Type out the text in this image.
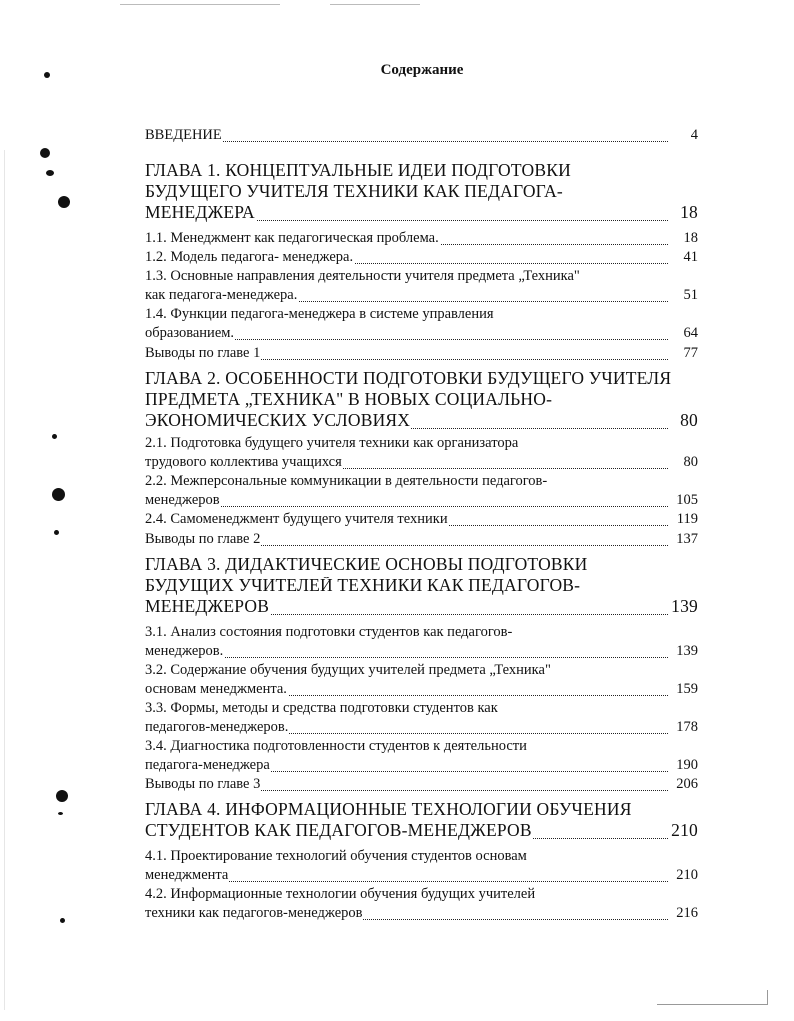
Содержание
ВВЕДЕНИЕ	4
ГЛАВА 1. КОНЦЕПТУАЛЬНЫЕ ИДЕИ ПОДГОТОВКИ
БУДУЩЕГО УЧИТЕЛЯ ТЕХНИКИ КАК ПЕДАГОГА-
МЕНЕДЖЕРА	18
1.1. Менеджмент как педагогическая проблема.	18
1.2. Модель педагога- менеджера.	41
1.3. Основные направления деятельности учителя предмета „Техника"
как педагога-менеджера.	51
1.4. Функции педагога-менеджера в системе управления
образованием.	64
Выводы по главе 1	77
ГЛАВА 2. ОСОБЕННОСТИ ПОДГОТОВКИ БУДУЩЕГО УЧИТЕЛЯ
ПРЕДМЕТА „ТЕХНИКА" В НОВЫХ СОЦИАЛЬНО-
ЭКОНОМИЧЕСКИХ УСЛОВИЯХ	80
2.1. Подготовка будущего учителя техники как организатора
трудового коллектива учащихся	80
2.2. Межперсональные коммуникации в деятельности педагогов-
менеджеров	105
2.4. Самоменеджмент будущего учителя техники	119
Выводы по главе 2	137
ГЛАВА 3. ДИДАКТИЧЕСКИЕ ОСНОВЫ ПОДГОТОВКИ
БУДУЩИХ УЧИТЕЛЕЙ ТЕХНИКИ КАК ПЕДАГОГОВ-
МЕНЕДЖЕРОВ	139
3.1. Анализ состояния подготовки студентов как педагогов-
менеджеров.	139
3.2. Содержание обучения будущих учителей предмета „Техника"
основам менеджмента.	159
3.3. Формы, методы и средства подготовки студентов как
педагогов-менеджеров.	178
3.4. Диагностика подготовленности студентов к деятельности
педагога-менеджера	190
Выводы по главе 3	206
ГЛАВА 4. ИНФОРМАЦИОННЫЕ ТЕХНОЛОГИИ ОБУЧЕНИЯ
СТУДЕНТОВ КАК ПЕДАГОГОВ-МЕНЕДЖЕРОВ	210
4.1. Проектирование технологий обучения студентов основам
менеджмента	210
4.2. Информационные технологии обучения будущих учителей
техники как педагогов-менеджеров	216
